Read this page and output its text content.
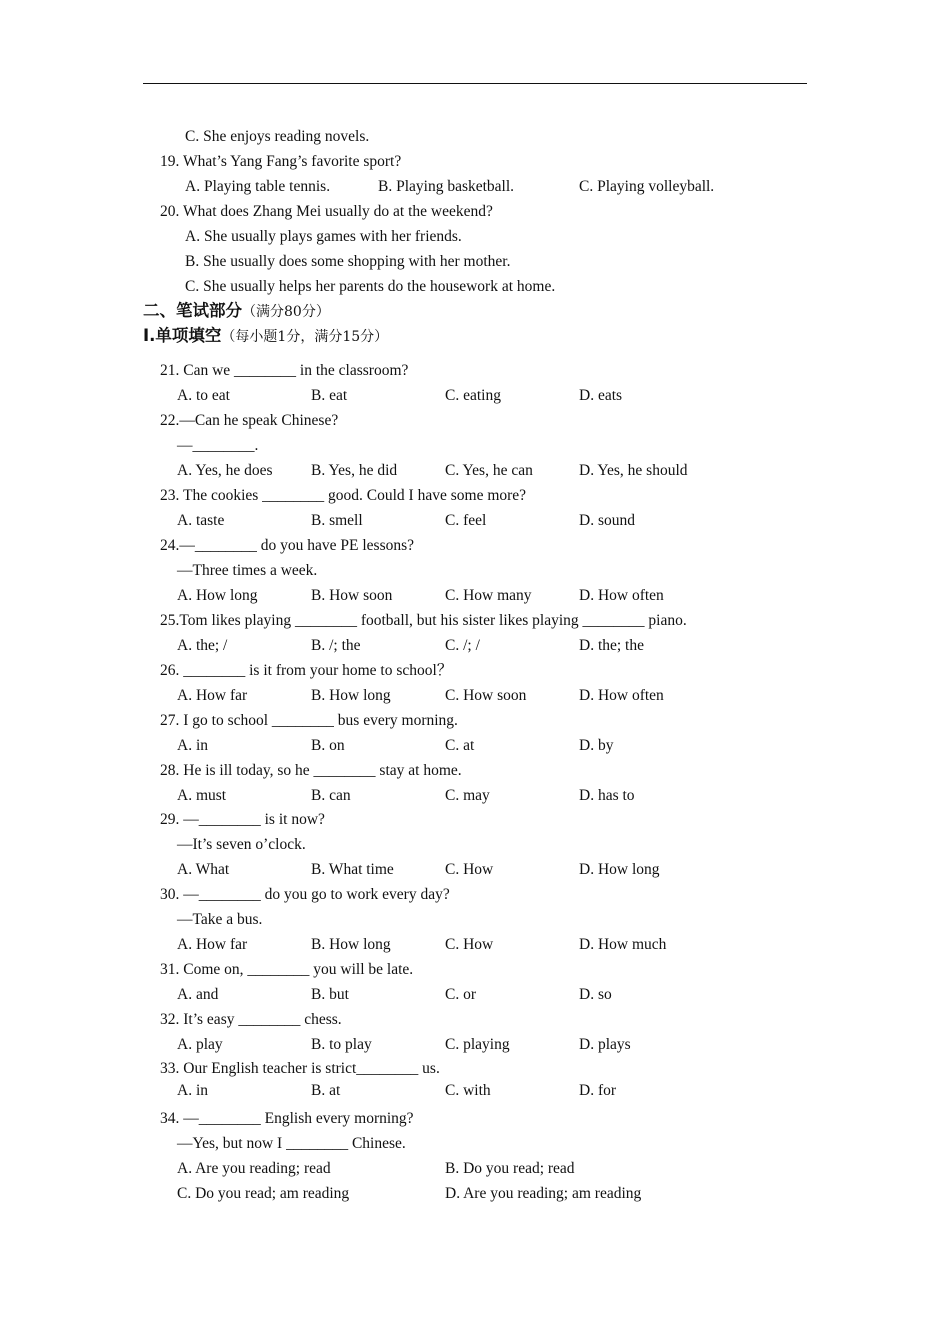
C. She enjoys reading novels.
19. What’s Yang Fang’s favorite sport?
A. Playing table tennis.	B. Playing basketball.	C. Playing volleyball.
20. What does Zhang Mei usually do at the weekend?
A. She usually plays games with her friends.
B. She usually does some shopping with her mother.
C. She usually helps her parents do the housework at home.
二、笔试部分（满分80分）
I.单项填空（每小题1分，满分15分）
21. Can we ________ in the classroom?
A. to eat	B. eat	C. eating	D. eats
22.—Can he speak Chinese?
—________.
A. Yes, he does B. Yes, he did	C. Yes, he can	D. Yes, he should
23. The cookies ________ good. Could I have some more?
A. taste	B. smell	C. feel	D. sound
24.—________ do you have PE lessons?
—Three times a week.
A. How long	B. How soon	C. How many	D. How often
25.Tom likes playing ________ football, but his sister likes playing ________ piano.
A. the; /	B. /; the	C. /; /	D. the; the
26. ________ is it from your home to school？
A. How far	B. How long	C. How soon	D. How often
27. I go to school ________ bus every morning.
A. in	B. on	C. at	D. by
28. He is ill today, so he ________ stay at home.
A. must	B. can	C. may	D. has to
29. —________ is it now?
—It’s seven o’clock.
A. What	B. What time	C. How	D. How long
30. —________ do you go to work every day?
—Take a bus.
A. How far	B. How long	C. How	D. How much
31. Come on, ________ you will be late.
A. and	B. but	C. or	D. so
32. It’s easy ________ chess.
A. play	B. to play	C. playing	D. plays
33. Our English teacher is strict________ us.
A. in	B. at	C. with	D. for
34. —________ English every morning?
—Yes, but now I ________ Chinese.
A. Are you reading; read	B. Do you read; read
C. Do you read; am reading	D. Are you reading; am reading
